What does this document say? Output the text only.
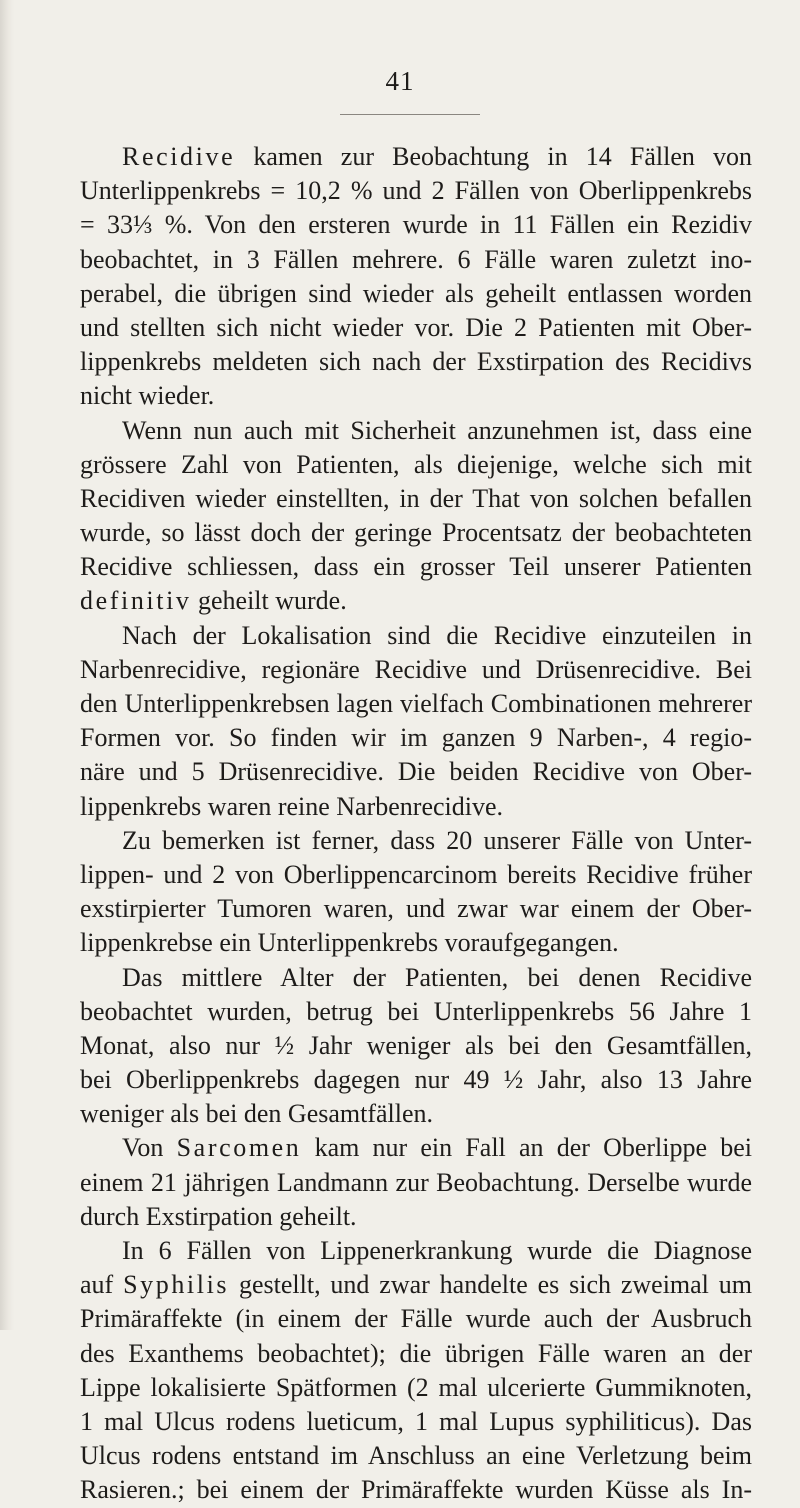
41
Recidive kamen zur Beobachtung in 14 Fällen von
Unterlippenkrebs = 10,2 % und 2 Fällen von Oberlippenkrebs
= 33⅓ %. Von den ersteren wurde in 11 Fällen ein Rezidiv
beobachtet, in 3 Fällen mehrere. 6 Fälle waren zuletzt ino-
perabel, die übrigen sind wieder als geheilt entlassen worden
und stellten sich nicht wieder vor. Die 2 Patienten mit Ober-
lippenkrebs meldeten sich nach der Exstirpation des Recidivs
nicht wieder.
Wenn nun auch mit Sicherheit anzunehmen ist, dass eine
grössere Zahl von Patienten, als diejenige, welche sich mit
Recidiven wieder einstellten, in der That von solchen befallen
wurde, so lässt doch der geringe Procentsatz der beobachteten
Recidive schliessen, dass ein grosser Teil unserer Patienten
definitiv geheilt wurde.
Nach der Lokalisation sind die Recidive einzuteilen in
Narbenrecidive, regionäre Recidive und Drüsenrecidive. Bei
den Unterlippenkrebsen lagen vielfach Combinationen mehrerer
Formen vor. So finden wir im ganzen 9 Narben-, 4 regio-
näre und 5 Drüsenrecidive. Die beiden Recidive von Ober-
lippenkrebs waren reine Narbenrecidive.
Zu bemerken ist ferner, dass 20 unserer Fälle von Unter-
lippen- und 2 von Oberlippencarcinom bereits Recidive früher
exstirpierter Tumoren waren, und zwar war einem der Ober-
lippenkrebse ein Unterlippenkrebs voraufgegangen.
Das mittlere Alter der Patienten, bei denen Recidive
beobachtet wurden, betrug bei Unterlippenkrebs 56 Jahre 1
Monat, also nur ½ Jahr weniger als bei den Gesamtfällen,
bei Oberlippenkrebs dagegen nur 49 ½ Jahr, also 13 Jahre
weniger als bei den Gesamtfällen.
Von Sarcomen kam nur ein Fall an der Oberlippe bei
einem 21 jährigen Landmann zur Beobachtung. Derselbe wurde
durch Exstirpation geheilt.
In 6 Fällen von Lippenerkrankung wurde die Diagnose
auf Syphilis gestellt, und zwar handelte es sich zweimal um
Primäraffekte (in einem der Fälle wurde auch der Ausbruch
des Exanthems beobachtet); die übrigen Fälle waren an der
Lippe lokalisierte Spätformen (2 mal ulcerierte Gummiknoten,
1 mal Ulcus rodens lueticum, 1 mal Lupus syphiliticus). Das
Ulcus rodens entstand im Anschluss an eine Verletzung beim
Rasieren.; bei einem der Primäraffekte wurden Küsse als In-
